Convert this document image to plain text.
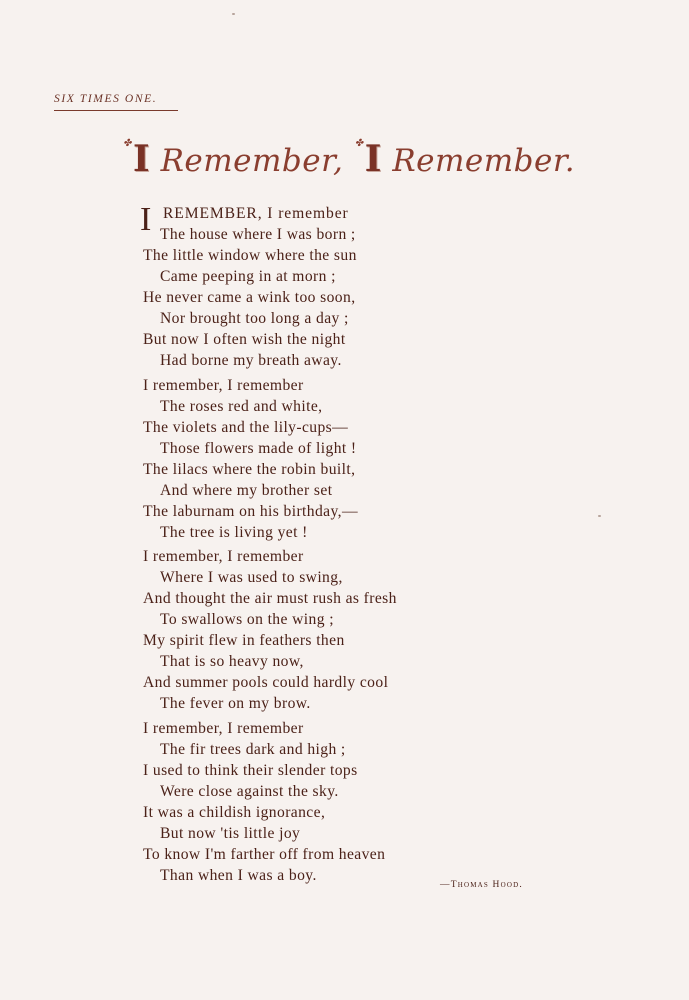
SIX TIMES ONE.
✤I Remember, ✤I Remember.
I REMEMBER, I remember
The house where I was born ;
The little window where the sun
Came peeping in at morn ;
He never came a wink too soon,
Nor brought too long a day ;
But now I often wish the night
Had borne my breath away.
I remember, I remember
The roses red and white,
The violets and the lily-cups—
Those flowers made of light !
The lilacs where the robin built,
And where my brother set
The laburnam on his birthday,—
The tree is living yet !
I remember, I remember
Where I was used to swing,
And thought the air must rush as fresh
To swallows on the wing ;
My spirit flew in feathers then
That is so heavy now,
And summer pools could hardly cool
The fever on my brow.
I remember, I remember
The fir trees dark and high ;
I used to think their slender tops
Were close against the sky.
It was a childish ignorance,
But now 'tis little joy
To know I'm farther off from heaven
Than when I was a boy.
—Thomas Hood.
